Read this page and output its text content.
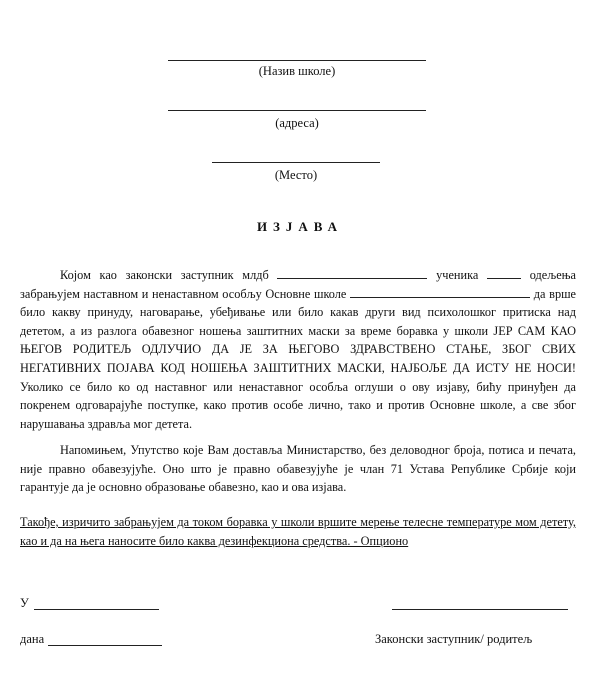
(Назив школе)
(адреса)
(Место)
ИЗЈАВА
Којом као законски заступник млдб	ученика	одељења забрањујем наставном и ненаставном особљу Основне школе	да врше било какву принуду, наговарање, убеђивање или било какав други вид психолошког притиска над дететом, а из разлога обавезног ношења заштитних маски за време боравка у школи ЈЕР САМ КАО ЊЕГОВ РОДИТЕЉ ОДЛУЧИО ДА ЈЕ ЗА ЊЕГОВО ЗДРАВСТВЕНО СТАЊЕ, ЗБОГ СВИХ НЕГАТИВНИХ ПОЈАВА КОД НОШЕЊА ЗАШТИТНИХ МАСКИ, НАЈБОЉЕ ДА ИСТУ НЕ НОСИ! Уколико се било ко од наставног или ненаставног особља оглуши о ову изјаву, бићу принуђен да покренем одговарајуће поступке, како против особе лично, тако и против Основне школе, а све због нарушавања здравља мог детета.
Напомињем, Упутство које Вам доставља Министарство, без деловодног броја, потиса и печата, није правно обавезујуће. Оно што је правно обавезујуће је члан 71 Устава Републике Србије који гарантује да је основно образовање обавезно, као и ова изјава.
Такође, изричито забрањујем да током боравка у школи вршите мерење телесне температуре мом детету, као и да на њега наносите било каква дезинфекциона средства. - Опционо
У
дана	Законски заступник/ родитељ
